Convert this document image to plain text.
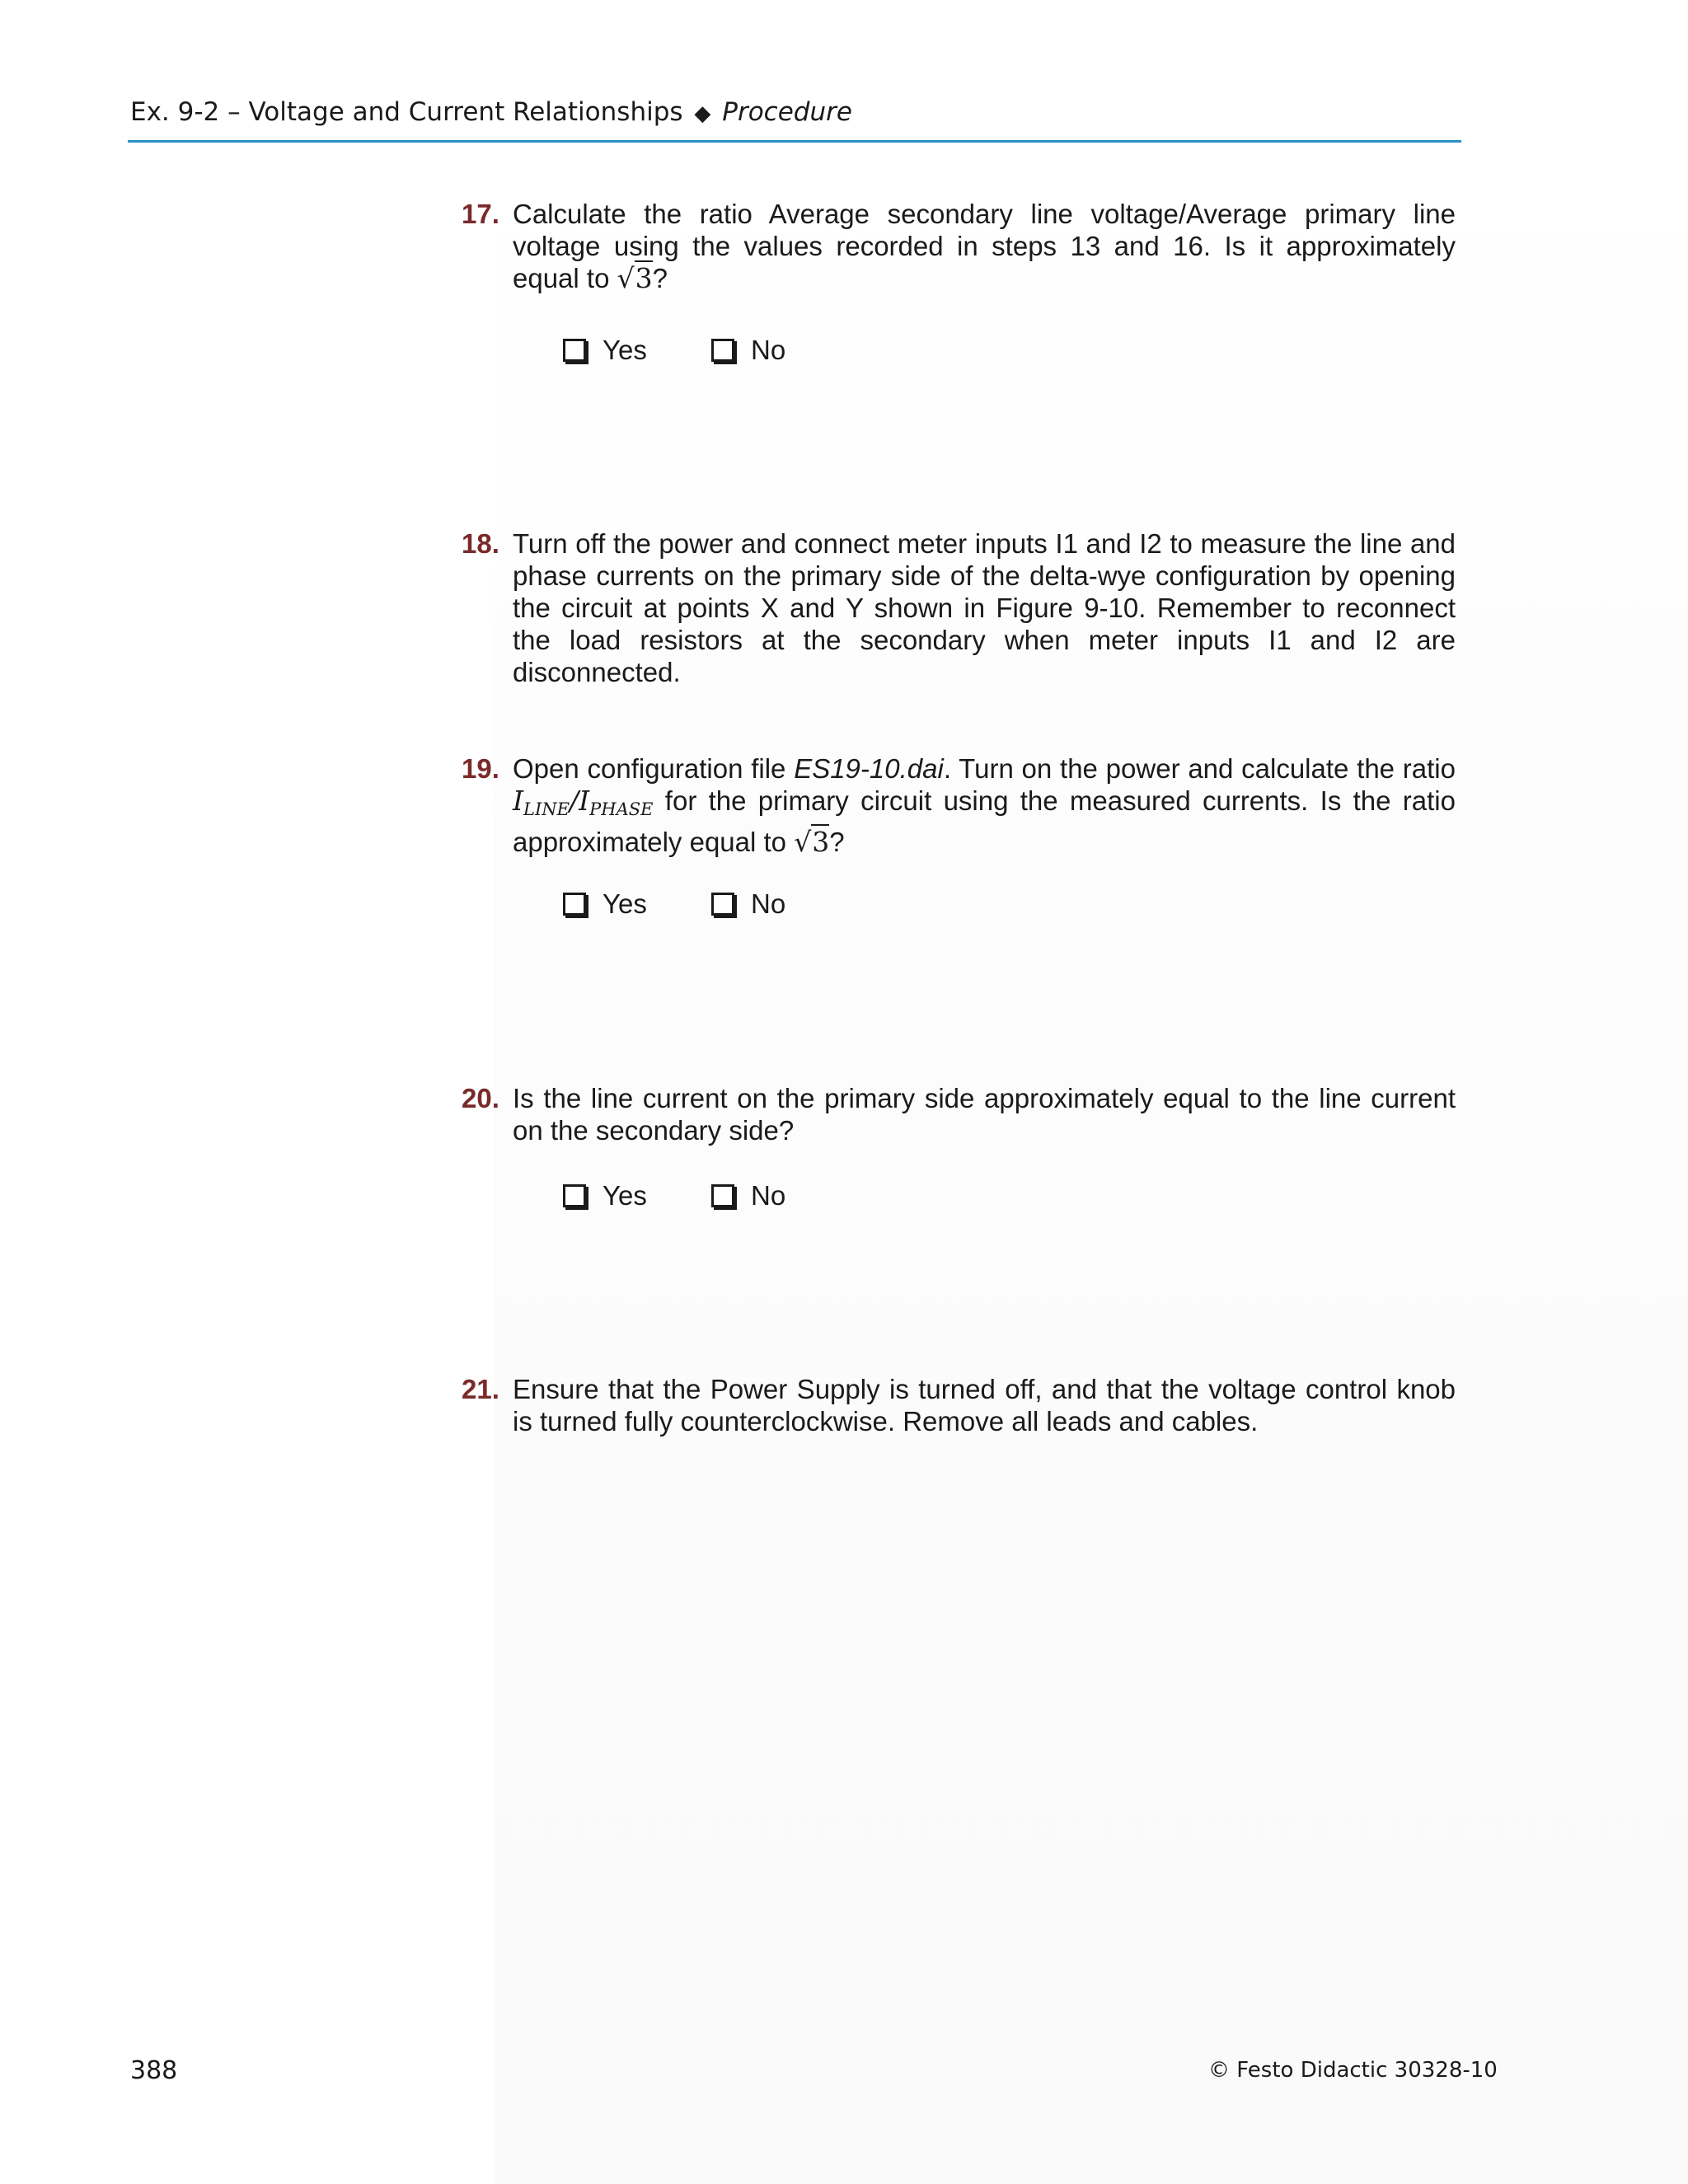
Ex. 9-2 – Voltage and Current Relationships ◆ Procedure
17. Calculate the ratio Average secondary line voltage/Average primary line voltage using the values recorded in steps 13 and 16. Is it approximately equal to √3?

Yes	No
18. Turn off the power and connect meter inputs I1 and I2 to measure the line and phase currents on the primary side of the delta-wye configuration by opening the circuit at points X and Y shown in Figure 9-10. Remember to reconnect the load resistors at the secondary when meter inputs I1 and I2 are disconnected.

19. Open configuration file ES19-10.dai. Turn on the power and calculate the ratio $I_{LINE}/I_{PHASE}$ for the primary circuit using the measured currents. Is the ratio approximately equal to √3?

Yes	No
20. Is the line current on the primary side approximately equal to the line current on the secondary side?

Yes	No
21. Ensure that the Power Supply is turned off, and that the voltage control knob is turned fully counterclockwise. Remove all leads and cables.

388	© Festo Didactic 30328-10
